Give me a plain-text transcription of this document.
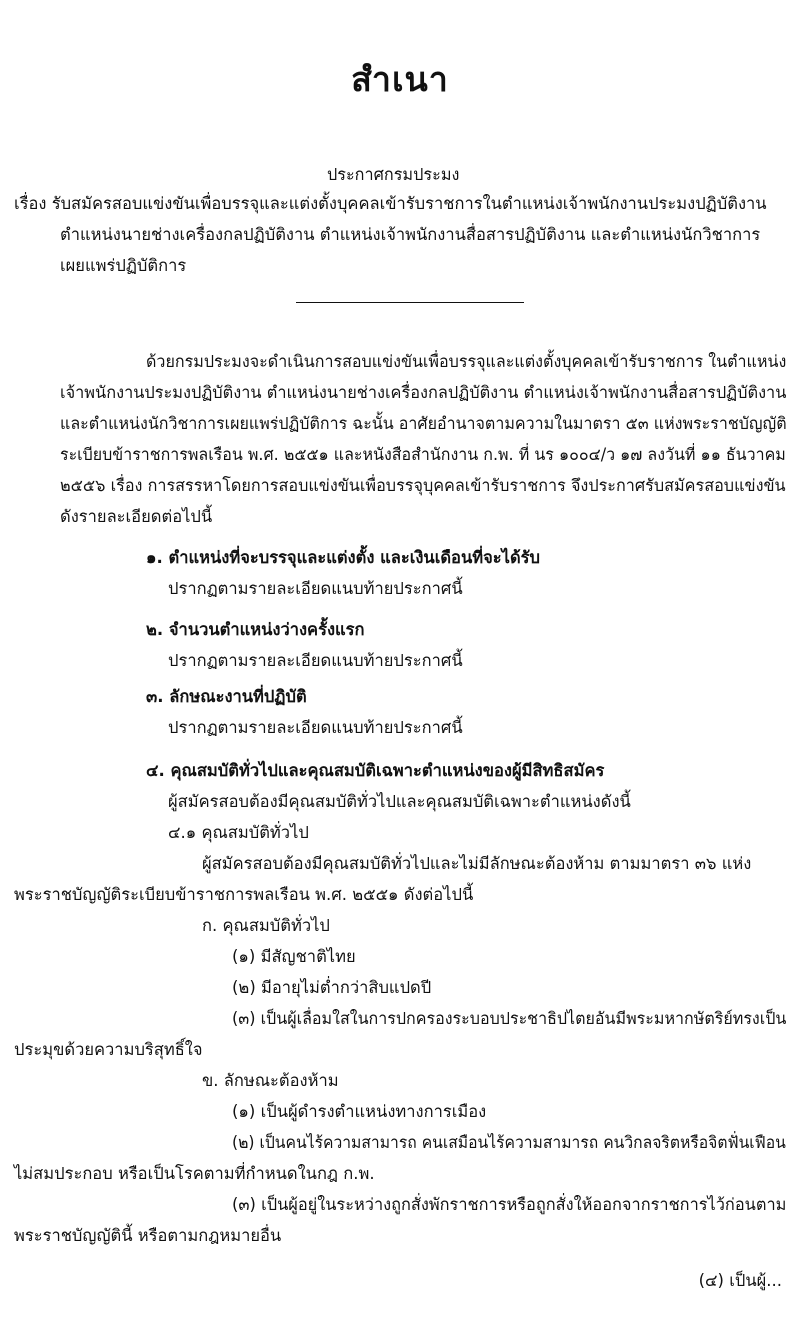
สำเนา
ประกาศกรมประมง
เรื่อง รับสมัครสอบแข่งขันเพื่อบรรจุและแต่งตั้งบุคคลเข้ารับราชการในตำแหน่งเจ้าพนักงานประมงปฏิบัติงาน
ตำแหน่งนายช่างเครื่องกลปฏิบัติงาน ตำแหน่งเจ้าพนักงานสื่อสารปฏิบัติงาน และตำแหน่งนักวิชาการ
เผยแพร่ปฏิบัติการ
ด้วยกรมประมงจะดำเนินการสอบแข่งขันเพื่อบรรจุและแต่งตั้งบุคคลเข้ารับราชการ ในตำแหน่ง
เจ้าพนักงานประมงปฏิบัติงาน ตำแหน่งนายช่างเครื่องกลปฏิบัติงาน ตำแหน่งเจ้าพนักงานสื่อสารปฏิบัติงาน
และตำแหน่งนักวิชาการเผยแพร่ปฏิบัติการ ฉะนั้น อาศัยอำนาจตามความในมาตรา ๕๓ แห่งพระราชบัญญัติ
ระเบียบข้าราชการพลเรือน พ.ศ. ๒๕๕๑ และหนังสือสำนักงาน ก.พ. ที่ นร ๑๐๐๔/ว ๑๗ ลงวันที่ ๑๑ ธันวาคม
๒๕๕๖ เรื่อง การสรรหาโดยการสอบแข่งขันเพื่อบรรจุบุคคลเข้ารับราชการ จึงประกาศรับสมัครสอบแข่งขัน
ดังรายละเอียดต่อไปนี้
๑. ตำแหน่งที่จะบรรจุและแต่งตั้ง และเงินเดือนที่จะได้รับ
ปรากฏตามรายละเอียดแนบท้ายประกาศนี้
๒. จำนวนตำแหน่งว่างครั้งแรก
ปรากฏตามรายละเอียดแนบท้ายประกาศนี้
๓. ลักษณะงานที่ปฏิบัติ
ปรากฏตามรายละเอียดแนบท้ายประกาศนี้
๔. คุณสมบัติทั่วไปและคุณสมบัติเฉพาะตำแหน่งของผู้มีสิทธิสมัคร
ผู้สมัครสอบต้องมีคุณสมบัติทั่วไปและคุณสมบัติเฉพาะตำแหน่งดังนี้
๔.๑ คุณสมบัติทั่วไป
ผู้สมัครสอบต้องมีคุณสมบัติทั่วไปและไม่มีลักษณะต้องห้าม ตามมาตรา ๓๖ แห่ง
พระราชบัญญัติระเบียบข้าราชการพลเรือน พ.ศ. ๒๕๕๑ ดังต่อไปนี้
ก. คุณสมบัติทั่วไป
(๑) มีสัญชาติไทย
(๒) มีอายุไม่ต่ำกว่าสิบแปดปี
(๓) เป็นผู้เลื่อมใสในการปกครองระบอบประชาธิปไตยอันมีพระมหากษัตริย์ทรงเป็น
ประมุขด้วยความบริสุทธิ์ใจ
ข. ลักษณะต้องห้าม
(๑) เป็นผู้ดำรงตำแหน่งทางการเมือง
(๒) เป็นคนไร้ความสามารถ คนเสมือนไร้ความสามารถ คนวิกลจริตหรือจิตฟั่นเฟือน
ไม่สมประกอบ หรือเป็นโรคตามที่กำหนดในกฎ ก.พ.
(๓) เป็นผู้อยู่ในระหว่างถูกสั่งพักราชการหรือถูกสั่งให้ออกจากราชการไว้ก่อนตาม
พระราชบัญญัตินี้ หรือตามกฎหมายอื่น
(๔) เป็นผู้...
